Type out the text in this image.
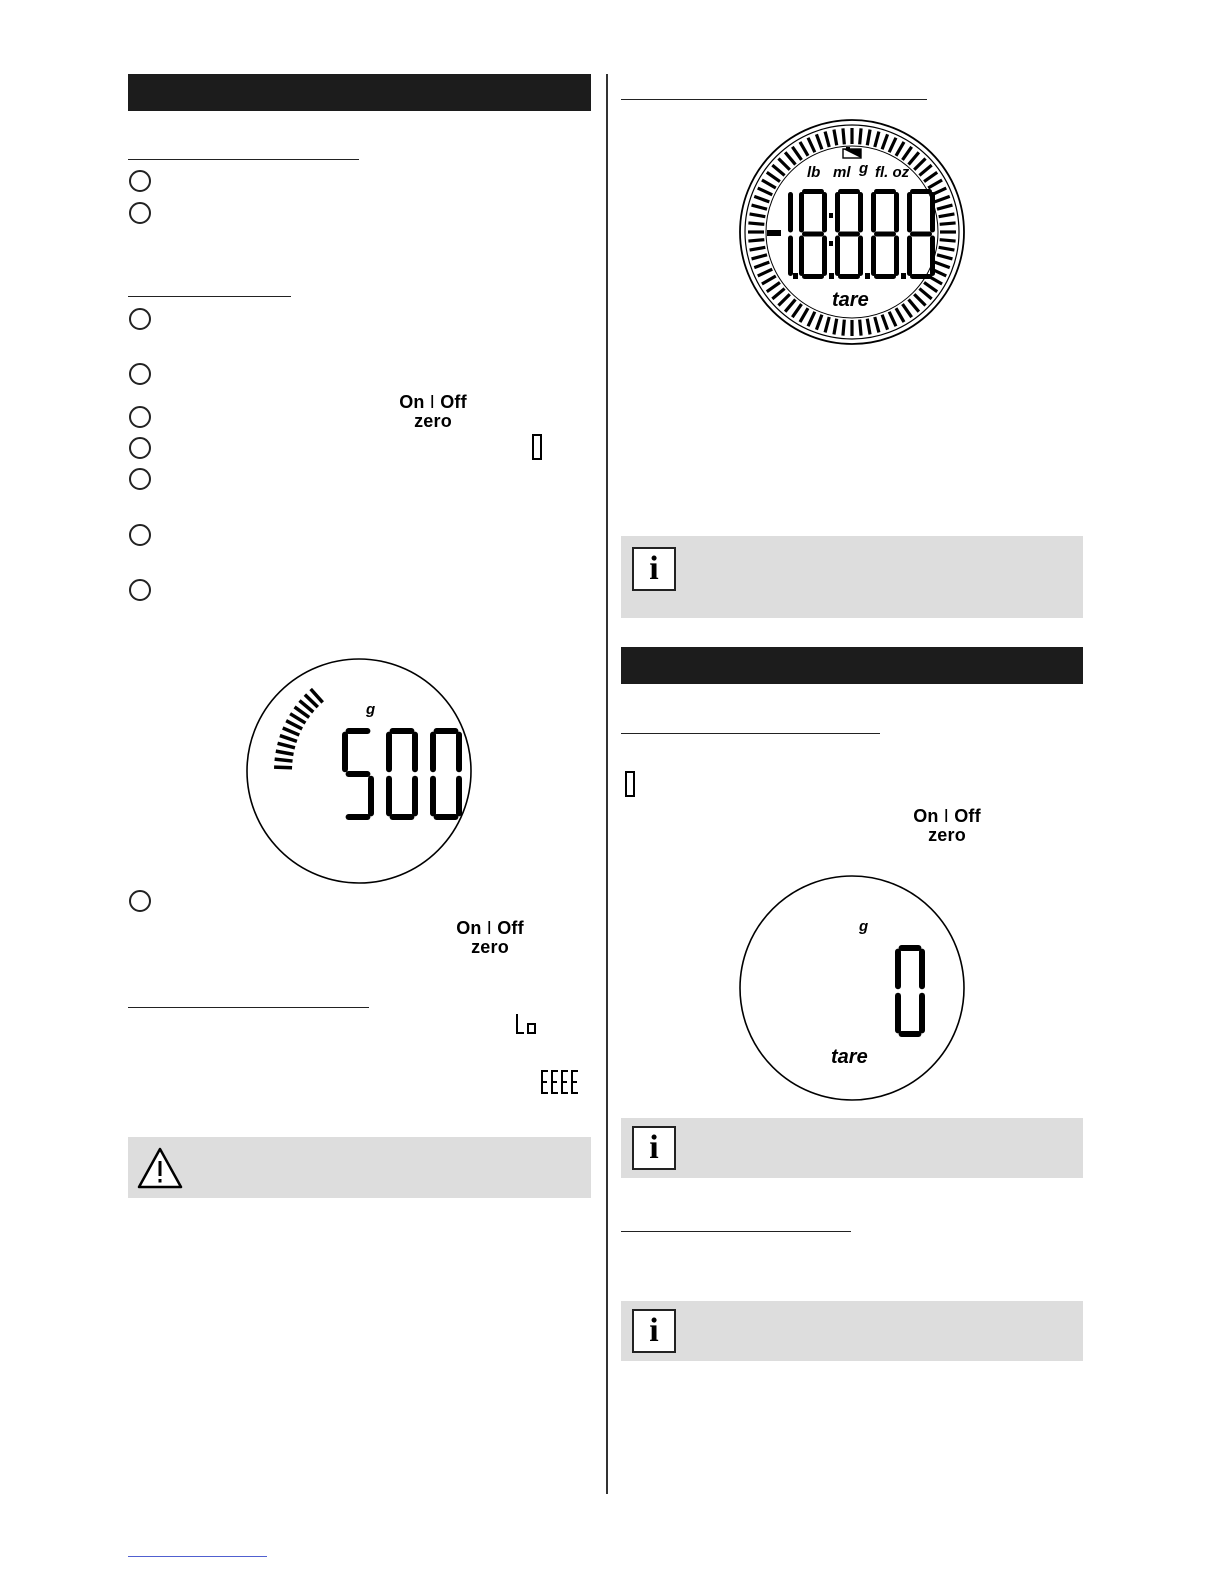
On I Off
zero
g
On I Off
zero
lb ml g fl. oz
tare
i
On I Off
zero
g
tare
i
i
